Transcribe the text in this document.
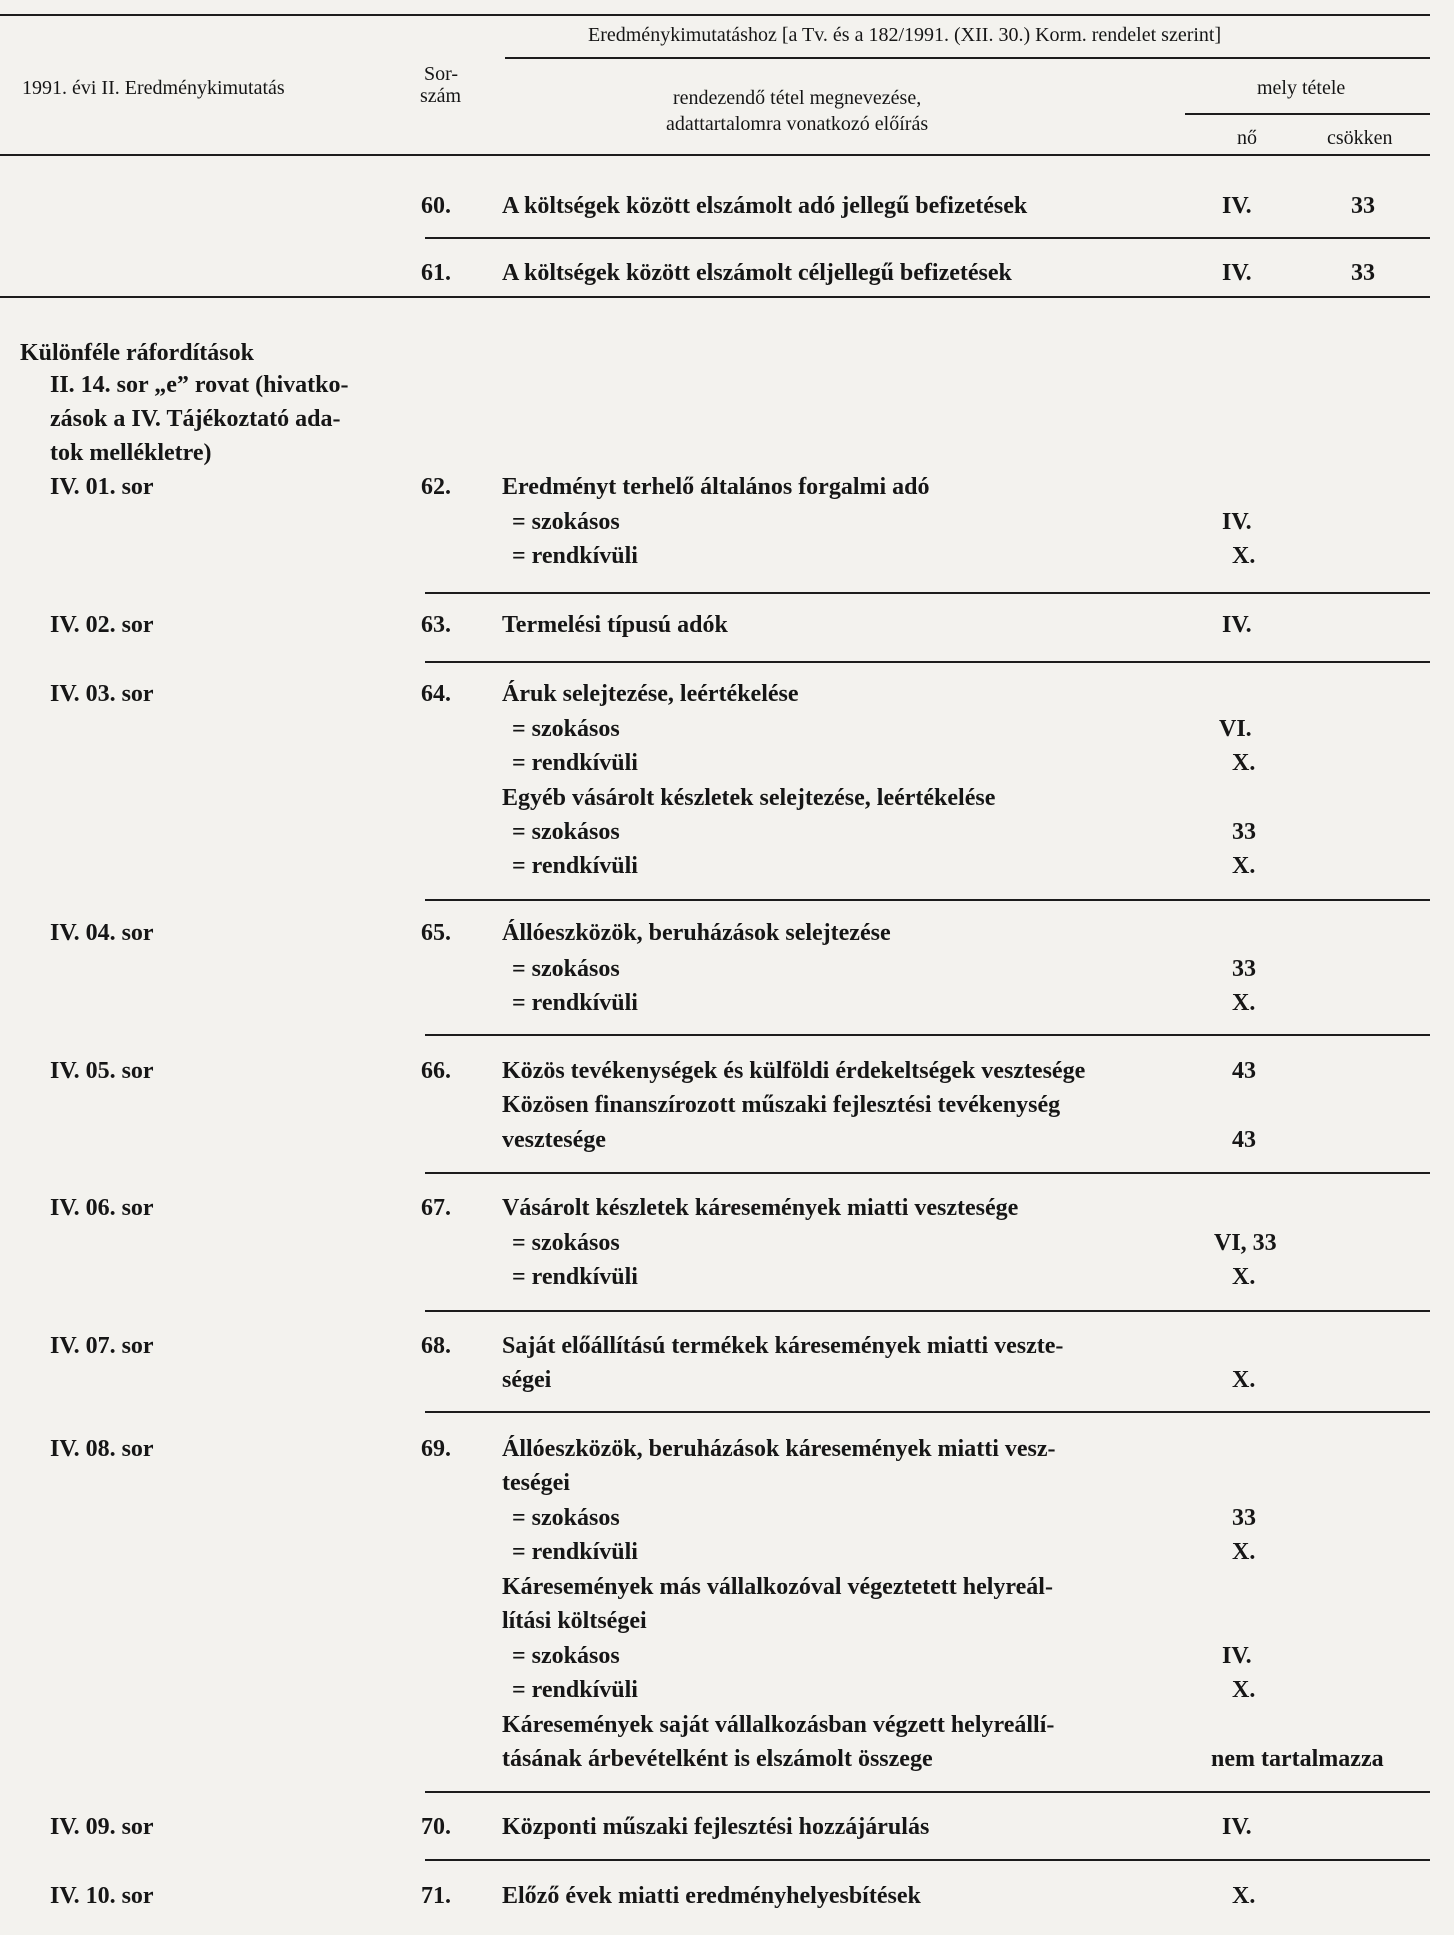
Eredménykimutatáshoz [a Tv. és a 182/1991. (XII. 30.) Korm. rendelet szerint]
1991. évi II. Eredménykimutatás
Sor-
szám	rendezendő tétel megnevezése,
adattartalomra vonatkozó előírás
mely tétele
nő	csökken
60. A költségek között elszámolt adó jellegű befizetések	IV.	33
61. A költségek között elszámolt céljellegű befizetések	IV.	33
Különféle ráfordítások
II. 14. sor „e” rovat (hivatko-
zások a IV. Tájékoztató ada-
tok mellékletre)
IV. 01. sor	62. Eredményt terhelő általános forgalmi adó
= szokásos	IV.
= rendkívüli	X.
IV. 02. sor	63. Termelési típusú adók	IV.
IV. 03. sor	64. Áruk selejtezése, leértékelése
= szokásos	VI.
= rendkívüli	X.
Egyéb vásárolt készletek selejtezése, leértékelése
= szokásos	33
= rendkívüli	X.
IV. 04. sor	65. Állóeszközök, beruházások selejtezése
= szokásos	33
= rendkívüli	X.
IV. 05. sor	66. Közös tevékenységek és külföldi érdekeltségek vesztesége	43
Közösen finanszírozott műszaki fejlesztési tevékenység
vesztesége	43
IV. 06. sor	67. Vásárolt készletek káresemények miatti vesztesége
= szokásos	VI, 33
= rendkívüli	X.
IV. 07. sor	68. Saját előállítású termékek káresemények miatti veszte-
ségei	X.
IV. 08. sor	69. Állóeszközök, beruházások káresemények miatti vesz-
teségei
= szokásos	33
= rendkívüli	X.
Káresemények más vállalkozóval végeztetett helyreál-
lítási költségei
= szokásos	IV.
= rendkívüli	X.
Káresemények saját vállalkozásban végzett helyreállí-
tásának árbevételként is elszámolt összege	nem tartalmazza
IV. 09. sor	70. Központi műszaki fejlesztési hozzájárulás	IV.
IV. 10. sor	71. Előző évek miatti eredményhelyesbítések	X.
